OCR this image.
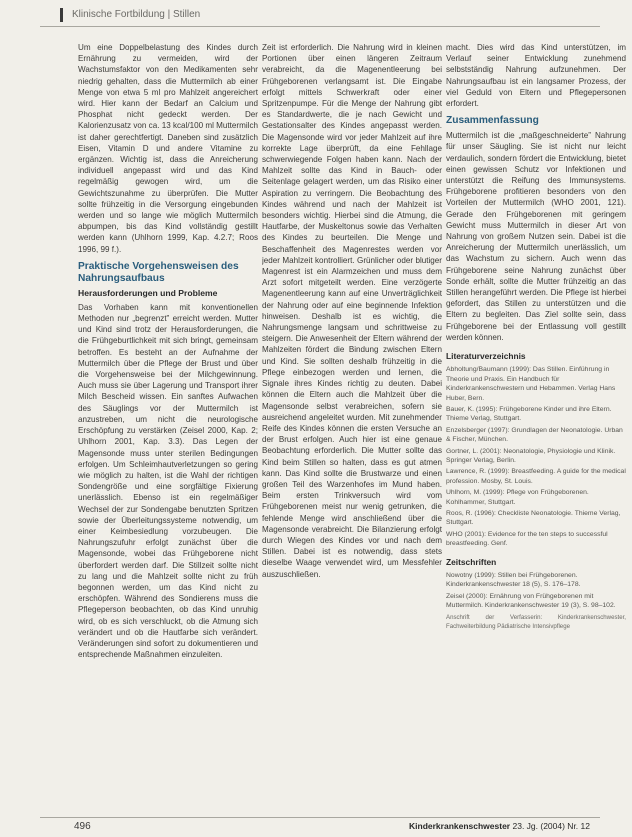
Klinische Fortbildung | Stillen

Um eine Doppelbelastung des Kindes durch Ernährung zu vermeiden, wird der Wachstumsfaktor von den Medikamenten sehr niedrig gehalten, dass die Muttermilch ab einer Menge von etwa 5 ml pro Mahlzeit angereichert wird. Hier kann der Bedarf an Calcium und Phosphat nicht gedeckt werden. Der Kalorienzusatz von ca. 13 kcal/100 ml Muttermilch ist daher gerechtfertigt. Daneben sind zusätzlich Eisen, Vitamin D und andere Vitamine zu ergänzen. Wichtig ist, dass die Anreicherung individuell angepasst wird und das Kind regelmäßig gewogen wird, um die Gewichtszunahme zu überprüfen. Die Mutter sollte frühzeitig in die Versorgung eingebunden werden und so lange wie möglich Muttermilch abpumpen, bis das Kind vollständig gestillt werden kann (Uhlhorn 1999, Kap. 4.2.7; Roos 1996, 99 f.).

Praktische Vorgehensweisen des Nahrungsaufbaus
Herausforderungen und Probleme

Das Vorhaben kann mit konventionellen Methoden nur „begrenzt” erreicht werden. Mutter und Kind sind trotz der Herausforderungen, die die Frühgeburtlichkeit mit sich bringt, gemeinsam betroffen. Es besteht an der Aufnahme der Muttermilch über die Pflege der Brust und über die Vorgehensweise bei der Milchgewinnung. Auch muss sie über Lagerung und Transport ihrer Milch Bescheid wissen. Ein sanftes Aufwachen des Säuglings vor der Muttermilch ist anzustreben, um nicht die neurologische Erschöpfung zu verstärken (Zeisel 2000, Kap. 2; Uhlhorn 2001, Kap. 3.3). Das Legen der Magensonde muss unter sterilen Bedingungen erfolgen. Um Schleimhautverletzungen so gering wie möglich zu halten, ist die Wahl der richtigen Sondengröße und eine sorgfältige Fixierung unerlässlich. Ebenso ist ein regelmäßiger Wechsel der zur Sondengabe benutzten Spritzen sowie der Überleitungssysteme notwendig, um einer Keimbesiedlung vorzubeugen. Die Nahrungszufuhr erfolgt zunächst über die Magensonde, wobei das Frühgeborene nicht überfordert werden darf. Die Stillzeit sollte nicht zu lang und die Mahlzeit sollte nicht zu früh begonnen werden, um das Kind nicht zu erschöpfen. Während des Sondierens muss die Pflegeperson beobachten, ob das Kind unruhig wird, ob es sich verschluckt, ob die Atmung sich verändert und ob die Hautfarbe sich verändert. Veränderungen sind sofort zu dokumentieren und entsprechende Maßnahmen einzuleiten.

Zeit ist erforderlich. Die Nahrung wird in kleinen Portionen über einen längeren Zeitraum verabreicht, da die Magenentleerung bei Frühgeborenen verlangsamt ist. Die Eingabe erfolgt mittels Schwerkraft oder einer Spritzenpumpe. Für die Menge der Nahrung gibt es Standardwerte, die je nach Gewicht und Gestationsalter des Kindes angepasst werden. Die Magensonde wird vor jeder Mahlzeit auf ihre korrekte Lage überprüft, da eine Fehllage schwerwiegende Folgen haben kann. Nach der Mahlzeit sollte das Kind in Bauch- oder Seitenlage gelagert werden, um das Risiko einer Aspiration zu verringern. Die Beobachtung des Kindes während und nach der Mahlzeit ist besonders wichtig. Hierbei sind die Atmung, die Hautfarbe, der Muskeltonus sowie das Verhalten des Kindes zu beurteilen. Die Menge und Beschaffenheit des Magenrestes werden vor jeder Mahlzeit kontrolliert. Grünlicher oder blutiger Magenrest ist ein Alarmzeichen und muss dem Arzt sofort mitgeteilt werden. Eine verzögerte Magenentleerung kann auf eine Unverträglichkeit der Nahrung oder auf eine beginnende Infektion hinweisen. Deshalb ist es wichtig, die Nahrungsmenge langsam und schrittweise zu steigern. Die Anwesenheit der Eltern während der Mahlzeiten fördert die Bindung zwischen Eltern und Kind. Sie sollten deshalb frühzeitig in die Pflege einbezogen werden und lernen, die Signale ihres Kindes richtig zu deuten. Dabei können die Eltern auch die Mahlzeit über die Magensonde selbst verabreichen, sofern sie ausreichend angeleitet wurden. Mit zunehmender Reife des Kindes können die ersten Versuche an der Brust erfolgen. Auch hier ist eine genaue Beobachtung erforderlich. Die Mutter sollte das Kind beim Stillen so halten, dass es gut atmen kann. Das Kind sollte die Brustwarze und einen großen Teil des Warzenhofes im Mund haben. Beim ersten Trinkversuch wird vom Frühgeborenen meist nur wenig getrunken, die fehlende Menge wird anschließend über die Magensonde verabreicht. Die Bilanzierung erfolgt durch Wiegen des Kindes vor und nach dem Stillen. Dabei ist es notwendig, dass stets dieselbe Waage verwendet wird, um Messfehler auszuschließen.

macht. Dies wird das Kind unterstützen, im Verlauf seiner Entwicklung zunehmend selbstständig Nahrung aufzunehmen. Der Nahrungsaufbau ist ein langsamer Prozess, der viel Geduld von Eltern und Pflegepersonen erfordert.

Zusammenfassung

Muttermilch ist die „maßgeschneiderte” Nahrung für unser Säugling. Sie ist nicht nur leicht verdaulich, sondern fördert die Entwicklung, bietet einen gewissen Schutz vor Infektionen und unterstützt die Reifung des Immunsystems. Frühgeborene profitieren besonders von den Vorteilen der Muttermilch (WHO 2001, 121). Gerade den Frühgeborenen mit geringem Gewicht muss Muttermilch in dieser Art von Nahrung von großem Nutzen sein. Dabei ist die Anreicherung der Muttermilch unerlässlich, um das Wachstum zu sichern. Auch wenn das Frühgeborene seine Nahrung zunächst über Sonde erhält, sollte die Mutter frühzeitig an das Stillen herangeführt werden. Die Pflege ist hierbei gefordert, das Stillen zu unterstützen und die Eltern zu begleiten. Das Ziel sollte sein, dass Frühgeborene bei der Entlassung voll gestillt werden können.

Literaturverzeichnis
Abholtung/Baumann (1999): Das Stillen. Einführung in Theorie und Praxis. Ein Handbuch für Kinderkrankenschwestern und Hebammen. Verlag Hans Huber, Bern.
Bauer, K. (1995): Frühgeborene Kinder und ihre Eltern. Thieme Verlag, Stuttgart.
Enzelsberger (1997): Grundlagen der Neonatologie. Urban & Fischer, München.
Gortner, L. (2001): Neonatologie, Physiologie und Klinik. Springer Verlag, Berlin.
Lawrence, R. (1999): Breastfeeding. A guide for the medical profession. Mosby, St. Louis.
Uhlhorn, M. (1999): Pflege von Frühgeborenen. Kohlhammer, Stuttgart.
Roos, R. (1996): Checkliste Neonatologie. Thieme Verlag, Stuttgart.
WHO (2001): Evidence for the ten steps to successful breastfeeding. Genf.
Zeitschriften
Nowotny (1999): Stillen bei Frühgeborenen. Kinderkrankenschwester 18 (5), S. 176–178.
Zeisel (2000): Ernährung von Frühgeborenen mit Muttermilch. Kinderkrankenschwester 19 (3), S. 98–102.
Anschrift der Verfasserin: Kinderkrankenschwester, Fachweiterbildung Pädiatrische Intensivpflege
496	Kinderkrankenschwester 23. Jg. (2004) Nr. 12
